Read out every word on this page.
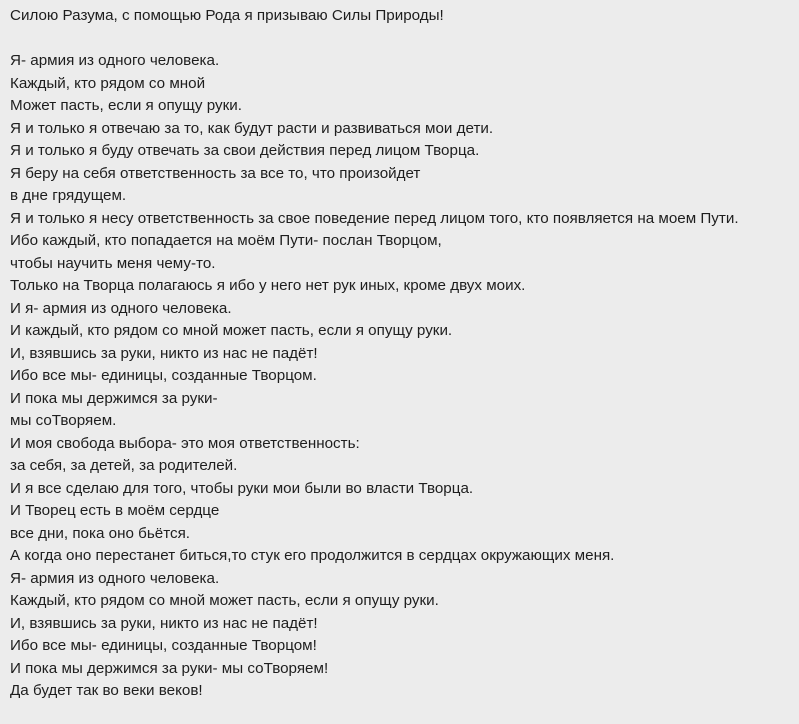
Силою Разума, с помощью Рода я призываю Силы Природы!
Я- армия из одного человека.
Каждый, кто рядом со мной
Может пасть, если я опущу руки.
Я и только я отвечаю за то, как будут расти и развиваться мои дети.
Я и только я буду отвечать за свои действия перед лицом Творца.
Я беру на себя ответственность за все то, что произойдет
в дне грядущем.
Я и только я несу ответственность за свое поведение перед лицом того, кто появляется на моем Пути.
Ибо каждый, кто попадается на моём Пути- послан Творцом,
чтобы научить меня чему-то.
Только на Творца полагаюсь я ибо у него нет рук иных, кроме двух моих.
И я- армия из одного человека.
И каждый, кто рядом со мной может пасть, если я опущу руки.
И, взявшись за руки, никто из нас не падёт!
Ибо все мы- единицы, созданные Творцом.
И пока мы держимся за руки-
мы соТворяем.
И моя свобода выбора- это моя ответственность:
за себя, за детей, за родителей.
И я все сделаю для того, чтобы руки мои были во власти Творца.
И Творец есть в моём сердце
все дни, пока оно бьётся.
А когда оно перестанет биться,то стук его продолжится в сердцах окружающих меня.
Я- армия из одного человека.
Каждый, кто рядом со мной может пасть, если я опущу руки.
И, взявшись за руки, никто из нас не падёт!
Ибо все мы- единицы, созданные Творцом!
И пока мы держимся за руки- мы соТворяем!
Да будет так во веки веков!
